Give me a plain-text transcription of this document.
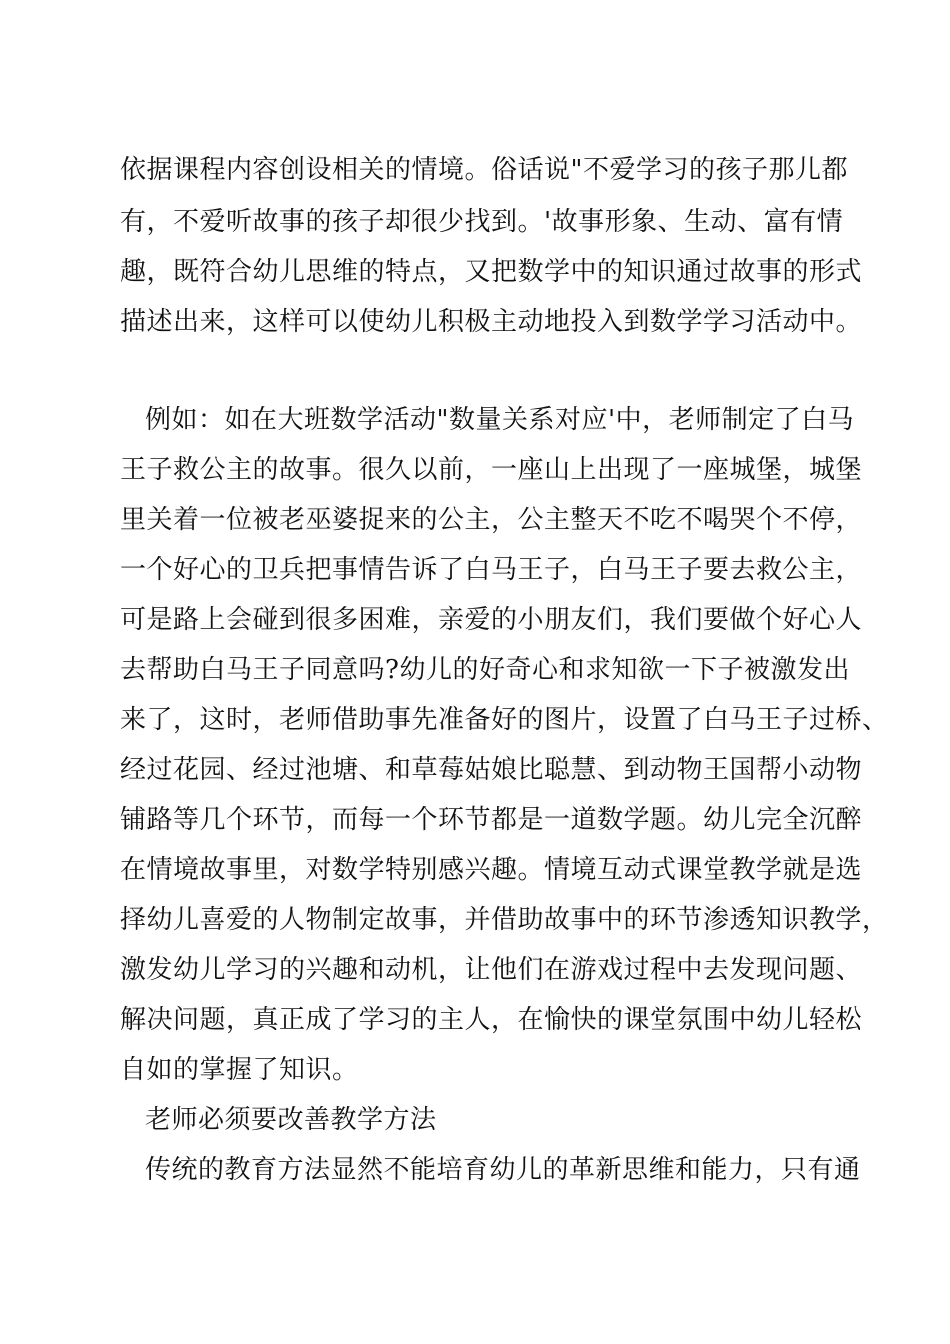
依据课程内容创设相关的情境。俗话说"不爱学习的孩子那儿都
有，不爱听故事的孩子却很少找到。'故事形象、生动、富有情
趣，既符合幼儿思维的特点，又把数学中的知识通过故事的形式
描述出来，这样可以使幼儿积极主动地投入到数学学习活动中。
例如：如在大班数学活动"数量关系对应'中，老师制定了白马
王子救公主的故事。很久以前，一座山上出现了一座城堡，城堡
里关着一位被老巫婆捉来的公主，公主整天不吃不喝哭个不停，
一个好心的卫兵把事情告诉了白马王子，白马王子要去救公主，
可是路上会碰到很多困难，亲爱的小朋友们，我们要做个好心人
去帮助白马王子同意吗?幼儿的好奇心和求知欲一下子被激发出
来了，这时，老师借助事先准备好的图片，设置了白马王子过桥、
经过花园、经过池塘、和草莓姑娘比聪慧、到动物王国帮小动物
铺路等几个环节，而每一个环节都是一道数学题。幼儿完全沉醉
在情境故事里，对数学特别感兴趣。情境互动式课堂教学就是选
择幼儿喜爱的人物制定故事，并借助故事中的环节渗透知识教学，
激发幼儿学习的兴趣和动机，让他们在游戏过程中去发现问题、
解决问题，真正成了学习的主人，在愉快的课堂氛围中幼儿轻松
自如的掌握了知识。
老师必须要改善教学方法
传统的教育方法显然不能培育幼儿的革新思维和能力，只有通
